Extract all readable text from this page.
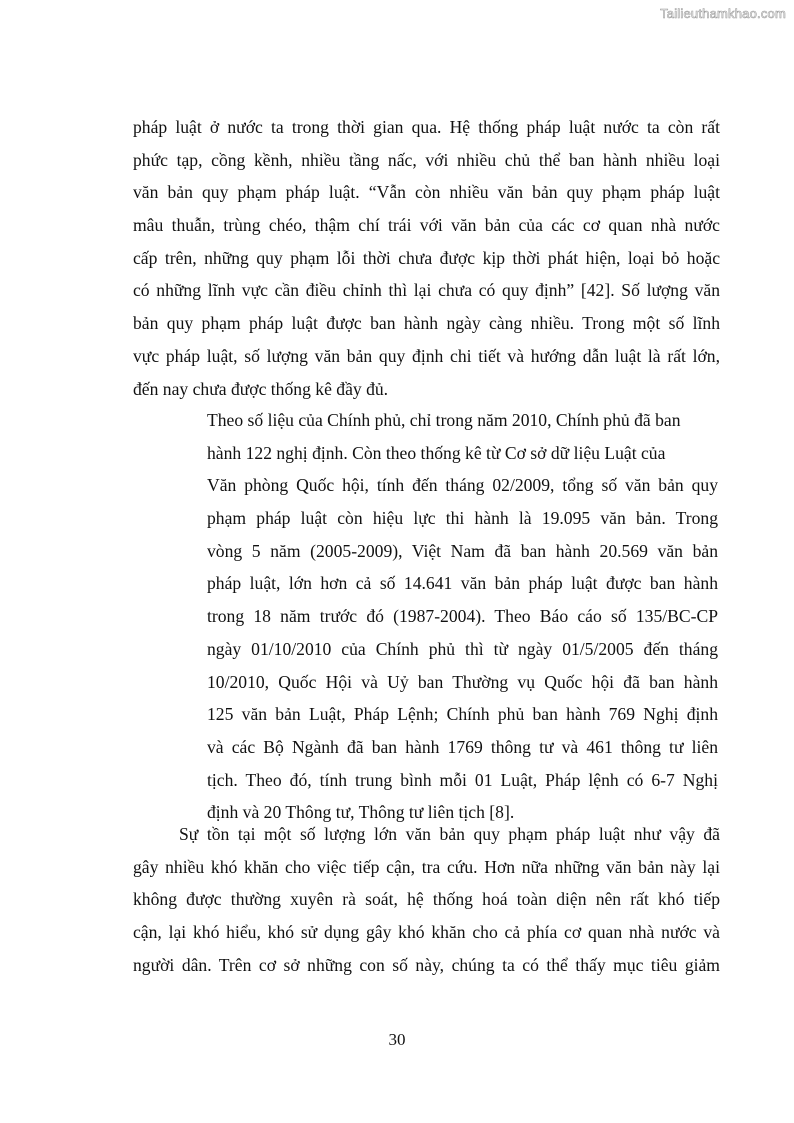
Tailieuthamkhao.com
pháp luật ở nước ta trong thời gian qua. Hệ thống pháp luật nước ta còn rất
phức tạp, cồng kềnh, nhiều tầng nấc, với nhiều chủ thể ban hành nhiều loại
văn bản quy phạm pháp luật. “Vẫn còn nhiều văn bản quy phạm pháp luật
mâu thuẫn, trùng chéo, thậm chí trái với văn bản của các cơ quan nhà nước
cấp trên, những quy phạm lỗi thời chưa được kịp thời phát hiện, loại bỏ hoặc
có những lĩnh vực cần điều chỉnh thì lại chưa có quy định” [42]. Số lượng văn
bản quy phạm pháp luật được ban hành ngày càng nhiều. Trong một số lĩnh
vực pháp luật, số lượng văn bản quy định chi tiết và hướng dẫn luật là rất lớn,
đến nay chưa được thống kê đầy đủ.
Theo số liệu của Chính phủ, chỉ trong năm 2010, Chính phủ đã ban
hành 122 nghị định. Còn theo thống kê từ Cơ sở dữ liệu Luật của
Văn phòng Quốc hội, tính đến tháng 02/2009, tổng số văn bản quy
phạm pháp luật còn hiệu lực thi hành là 19.095 văn bản. Trong
vòng 5 năm (2005-2009), Việt Nam đã ban hành 20.569 văn bản
pháp luật, lớn hơn cả số 14.641 văn bản pháp luật được ban hành
trong 18 năm trước đó (1987-2004). Theo Báo cáo số 135/BC-CP
ngày 01/10/2010 của Chính phủ thì từ ngày 01/5/2005 đến tháng
10/2010, Quốc Hội và Uỷ ban Thường vụ Quốc hội đã ban hành
125 văn bản Luật, Pháp Lệnh; Chính phủ ban hành 769 Nghị định
và các Bộ Ngành đã ban hành 1769 thông tư và 461 thông tư liên
tịch. Theo đó, tính trung bình mỗi 01 Luật, Pháp lệnh có 6-7 Nghị
định và 20 Thông tư, Thông tư liên tịch [8].
Sự tồn tại một số lượng lớn văn bản quy phạm pháp luật như vậy đã
gây nhiều khó khăn cho việc tiếp cận, tra cứu. Hơn nữa những văn bản này lại
không được thường xuyên rà soát, hệ thống hoá toàn diện nên rất khó tiếp
cận, lại khó hiểu, khó sử dụng gây khó khăn cho cả phía cơ quan nhà nước và
người dân. Trên cơ sở những con số này, chúng ta có thể thấy mục tiêu giảm
30
